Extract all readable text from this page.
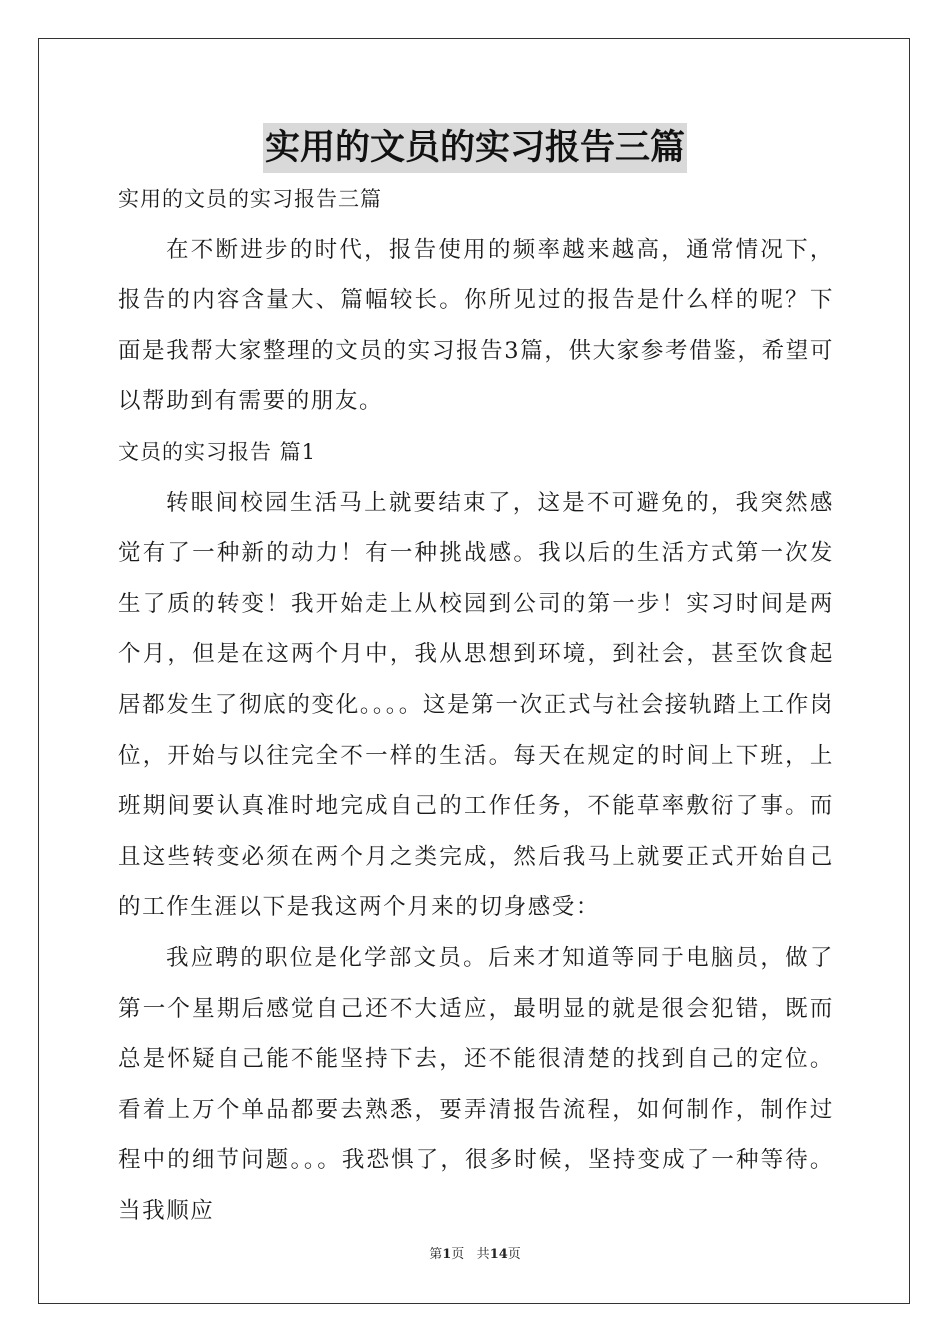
实用的文员的实习报告三篇

实用的文员的实习报告三篇

在不断进步的时代，报告使用的频率越来越高，通常情况下，报告的内容含量大、篇幅较长。你所见过的报告是什么样的呢？下面是我帮大家整理的文员的实习报告3篇，供大家参考借鉴，希望可以帮助到有需要的朋友。

文员的实习报告 篇1

转眼间校园生活马上就要结束了，这是不可避免的，我突然感觉有了一种新的动力！有一种挑战感。我以后的生活方式第一次发生了质的转变！我开始走上从校园到公司的第一步！实习时间是两个月，但是在这两个月中，我从思想到环境，到社会，甚至饮食起居都发生了彻底的变化。。。。这是第一次正式与社会接轨踏上工作岗位，开始与以往完全不一样的生活。每天在规定的时间上下班，上班期间要认真准时地完成自己的工作任务，不能草率敷衍了事。而且这些转变必须在两个月之类完成，然后我马上就要正式开始自己的工作生涯以下是我这两个月来的切身感受：

我应聘的职位是化学部文员。后来才知道等同于电脑员，做了第一个星期后感觉自己还不大适应，最明显的就是很会犯错，既而总是怀疑自己能不能坚持下去，还不能很清楚的找到自己的定位。看着上万个单品都要去熟悉，要弄清报告流程，如何制作，制作过程中的细节问题。。。我恐惧了，很多时候，坚持变成了一种等待。当我顺应

第1页 共14页
